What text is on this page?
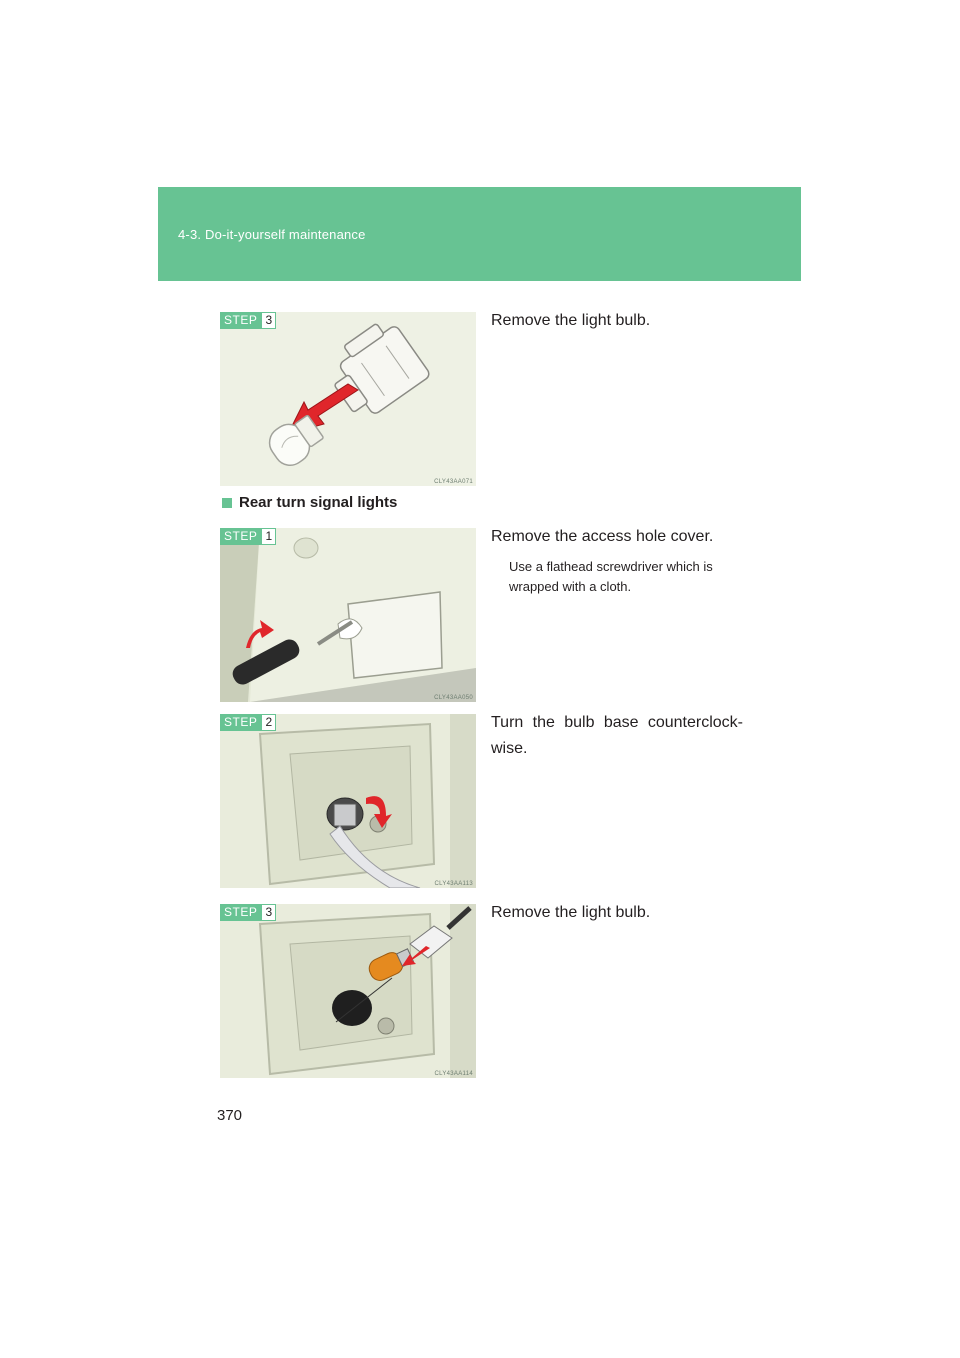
4-3. Do-it-yourself maintenance
STEP 3
CLY43AA071
Remove the light bulb.
Rear turn signal lights
STEP 1
CLY43AA050
Remove the access hole cover.
Use a flathead screwdriver which is wrapped with a cloth.
STEP 2
CLY43AA113
Turn the bulb base counterclock-wise.
STEP 3
CLY43AA114
Remove the light bulb.
370
